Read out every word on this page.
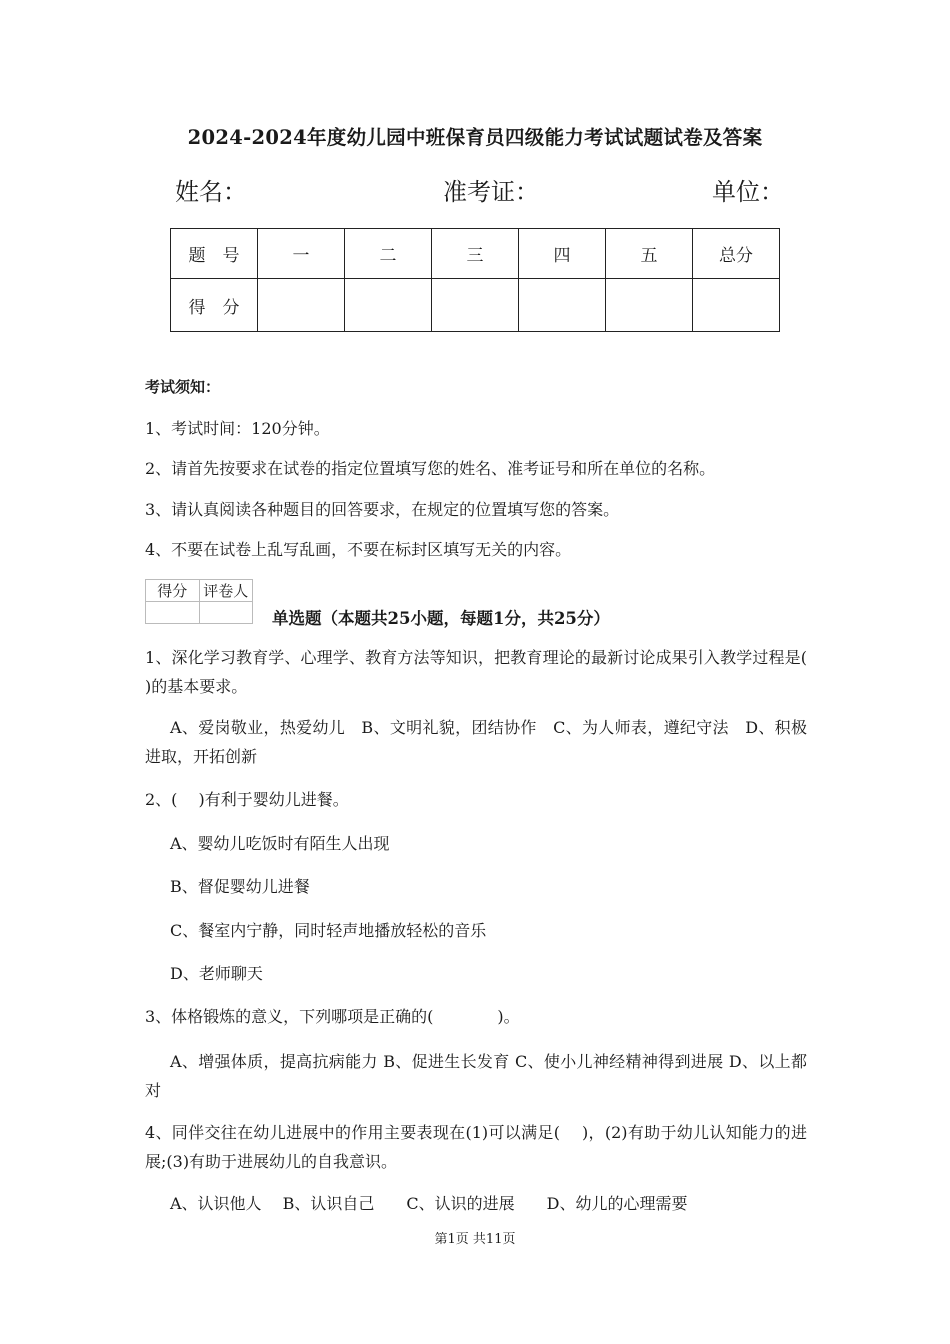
2024-2024年度幼儿园中班保育员四级能力考试试题试卷及答案
姓名：	准考证：	单位：
题　号	一	二	三	四	五	总分
得　分						
考试须知：
1、考试时间：120分钟。
2、请首先按要求在试卷的指定位置填写您的姓名、准考证号和所在单位的名称。
3、请认真阅读各种题目的回答要求，在规定的位置填写您的答案。
4、不要在试卷上乱写乱画，不要在标封区填写无关的内容。
得分	评卷人

单选题（本题共25小题，每题1分，共25分）
1、深化学习教育学、心理学、教育方法等知识，把教育理论的最新讨论成果引入教学过程是(　 )的基本要求。
A、爱岗敬业，热爱幼儿　B、文明礼貌，团结协作　C、为人师表，遵纪守法　D、积极进取，开拓创新
2、(　 )有利于婴幼儿进餐。
A、婴幼儿吃饭时有陌生人出现
B、督促婴幼儿进餐
C、餐室内宁静，同时轻声地播放轻松的音乐
D、老师聊天
3、体格锻炼的意义，下列哪项是正确的(　　　　)。
A、增强体质，提高抗病能力 B、促进生长发育 C、使小儿神经精神得到进展 D、以上都对
4、同伴交往在幼儿进展中的作用主要表现在(1)可以满足(　 )，(2)有助于幼儿认知能力的进展;(3)有助于进展幼儿的自我意识。
A、认识他人　 B、认识自己　　C、认识的进展　　D、幼儿的心理需要
第1页 共11页
